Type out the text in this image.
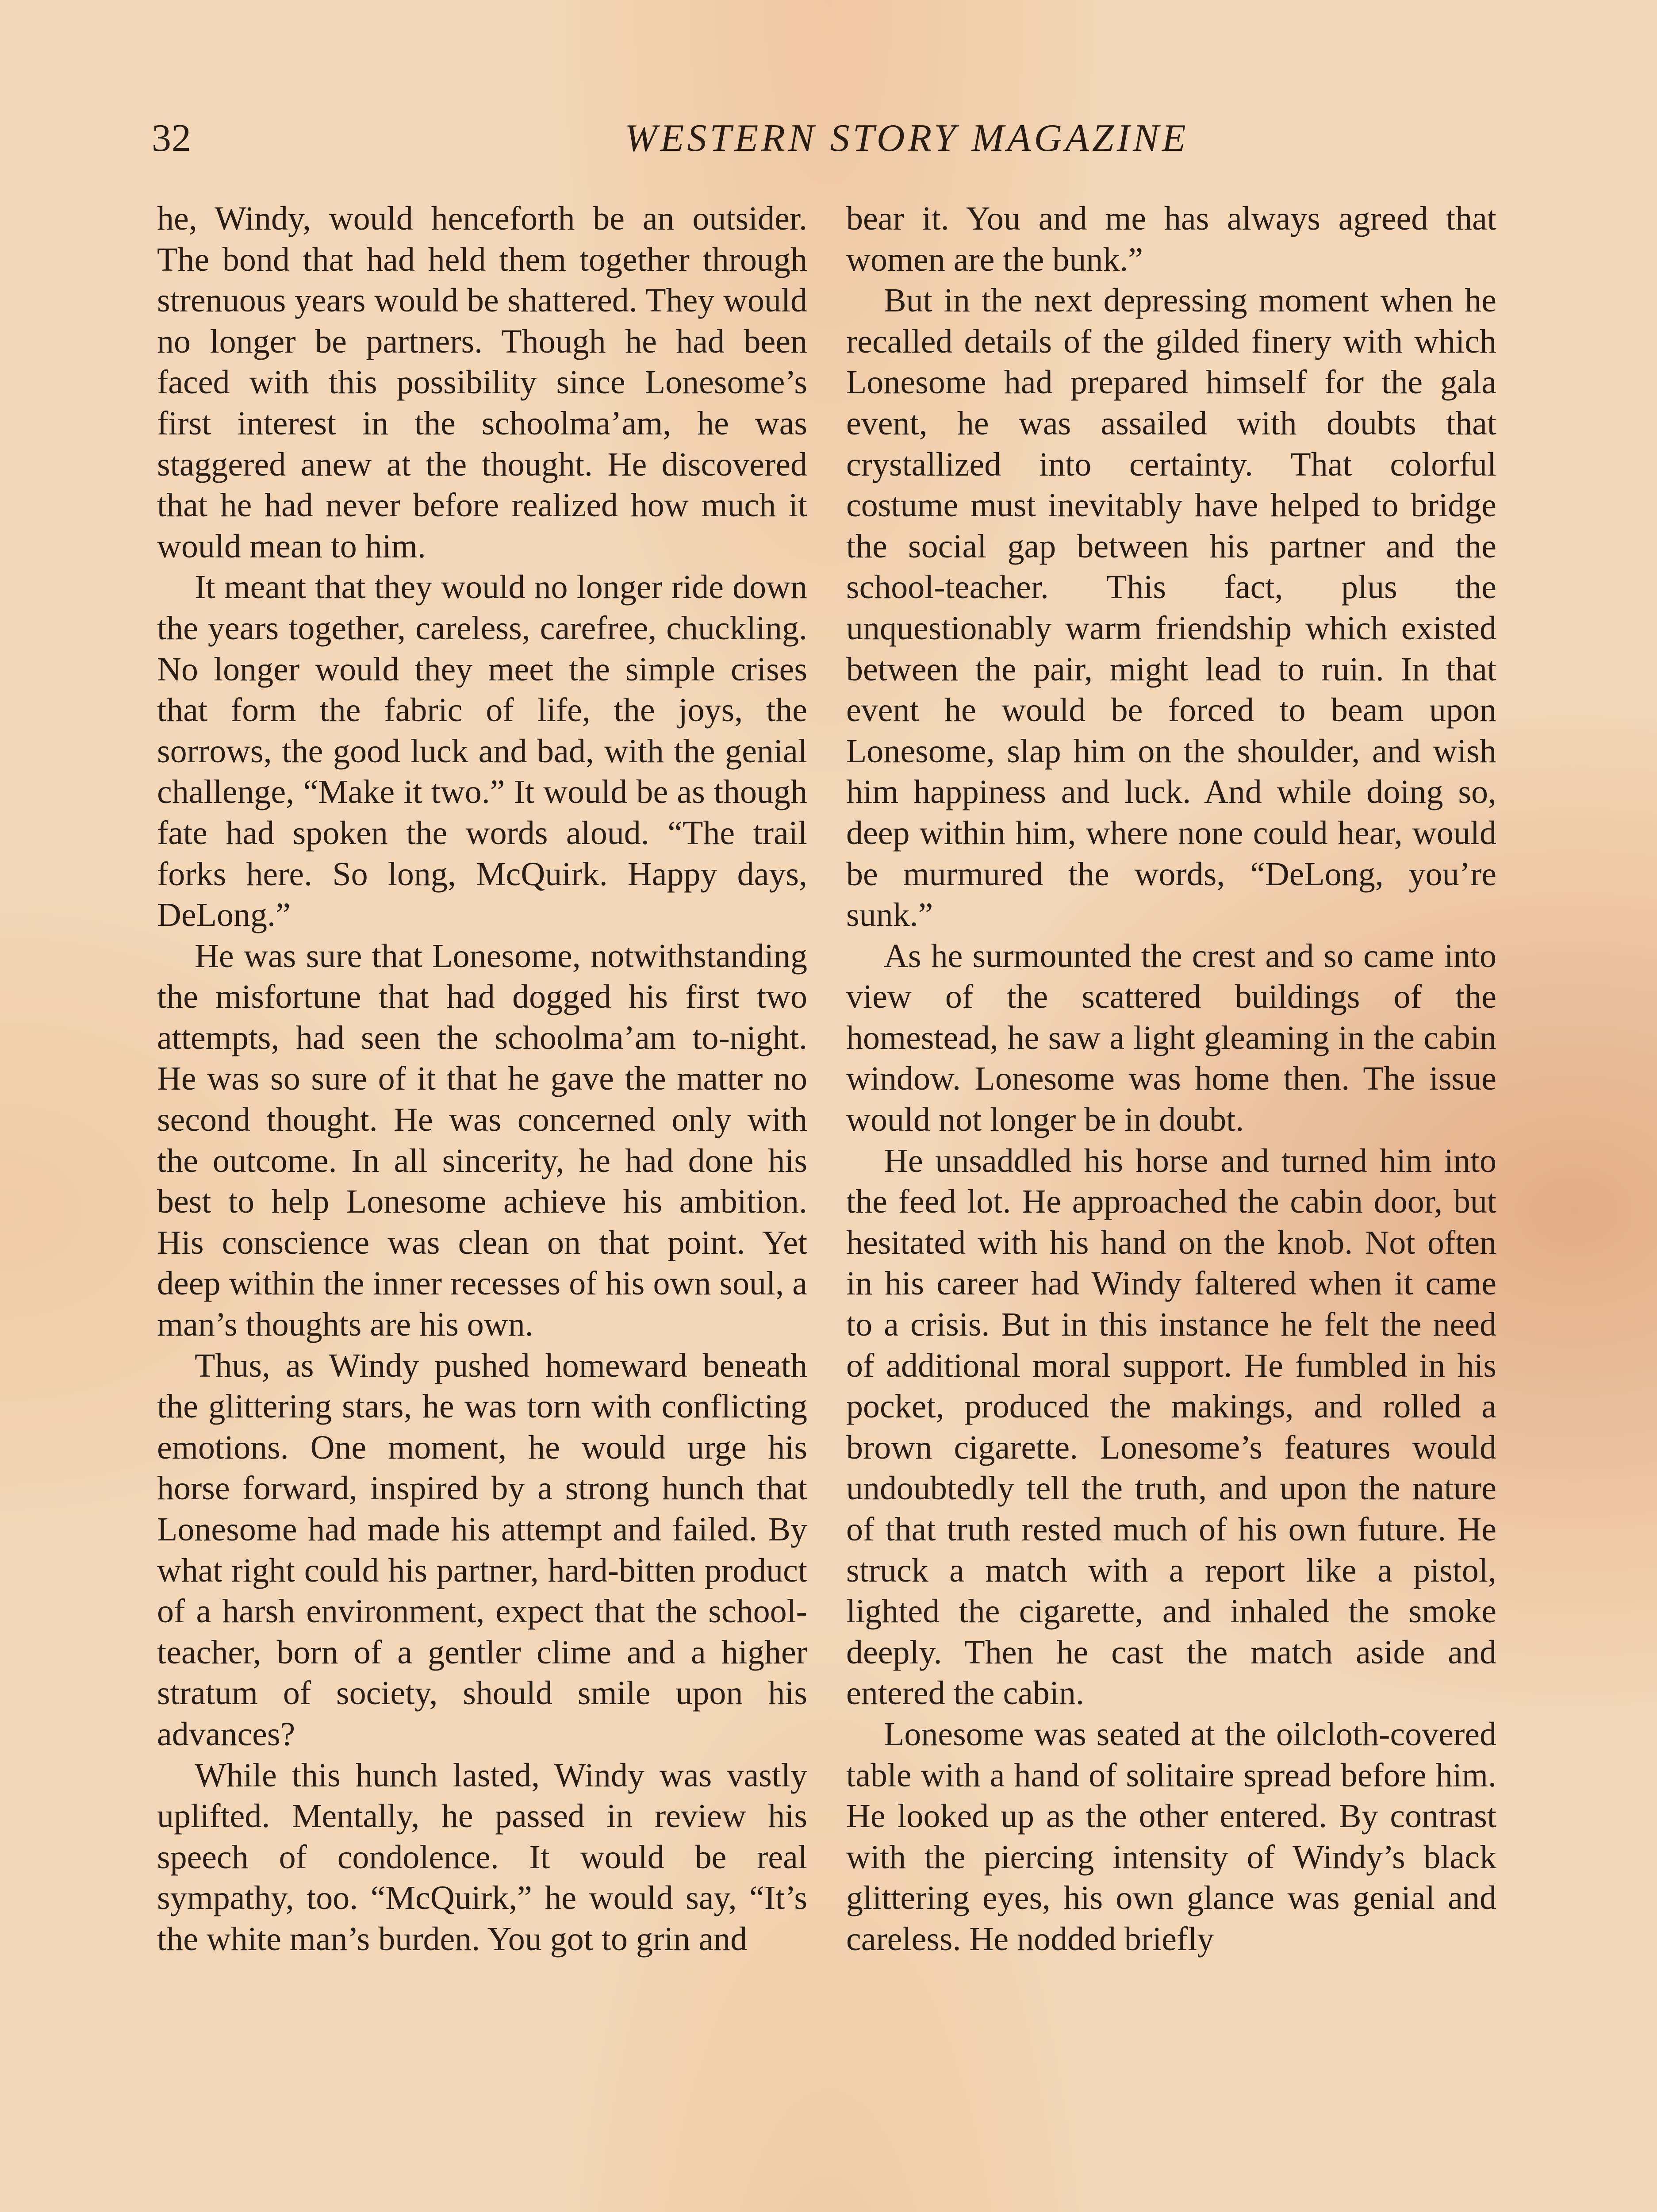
32	WESTERN STORY MAGAZINE

he, Windy, would henceforth be an outsider. The bond that had held them together through strenuous years would be shattered. They would no longer be partners. Though he had been faced with this possibility since Lonesome’s first interest in the schoolma’am, he was staggered anew at the thought. He discovered that he had never before realized how much it would mean to him.

It meant that they would no longer ride down the years together, careless, carefree, chuckling. No longer would they meet the simple crises that form the fabric of life, the joys, the sorrows, the good luck and bad, with the genial challenge, “Make it two.” It would be as though fate had spoken the words aloud. “The trail forks here. So long, McQuirk. Happy days, DeLong.”

He was sure that Lonesome, notwithstanding the misfortune that had dogged his first two attempts, had seen the schoolma’am to-night. He was so sure of it that he gave the matter no second thought. He was concerned only with the outcome. In all sincerity, he had done his best to help Lonesome achieve his ambition. His conscience was clean on that point. Yet deep within the inner recesses of his own soul, a man’s thoughts are his own.

Thus, as Windy pushed homeward beneath the glittering stars, he was torn with conflicting emotions. One moment, he would urge his horse forward, inspired by a strong hunch that Lonesome had made his attempt and failed. By what right could his partner, hard-bitten product of a harsh environment, expect that the school-teacher, born of a gentler clime and a higher stratum of society, should smile upon his advances?

While this hunch lasted, Windy was vastly uplifted. Mentally, he passed in review his speech of condolence. It would be real sympathy, too. “McQuirk,” he would say, “It’s the white man’s burden. You got to grin and

bear it. You and me has always agreed that women are the bunk.”

But in the next depressing moment when he recalled details of the gilded finery with which Lonesome had prepared himself for the gala event, he was assailed with doubts that crystallized into certainty. That colorful costume must inevitably have helped to bridge the social gap between his partner and the school-teacher. This fact, plus the unquestionably warm friendship which existed between the pair, might lead to ruin. In that event he would be forced to beam upon Lonesome, slap him on the shoulder, and wish him happiness and luck. And while doing so, deep within him, where none could hear, would be murmured the words, “DeLong, you’re sunk.”

As he surmounted the crest and so came into view of the scattered buildings of the homestead, he saw a light gleaming in the cabin window. Lonesome was home then. The issue would not longer be in doubt.

He unsaddled his horse and turned him into the feed lot. He approached the cabin door, but hesitated with his hand on the knob. Not often in his career had Windy faltered when it came to a crisis. But in this instance he felt the need of additional moral support. He fumbled in his pocket, produced the makings, and rolled a brown cigarette. Lonesome’s features would undoubtedly tell the truth, and upon the nature of that truth rested much of his own future. He struck a match with a report like a pistol, lighted the cigarette, and inhaled the smoke deeply. Then he cast the match aside and entered the cabin.

Lonesome was seated at the oilcloth-covered table with a hand of solitaire spread before him. He looked up as the other entered. By contrast with the piercing intensity of Windy’s black glittering eyes, his own glance was genial and careless. He nodded briefly
